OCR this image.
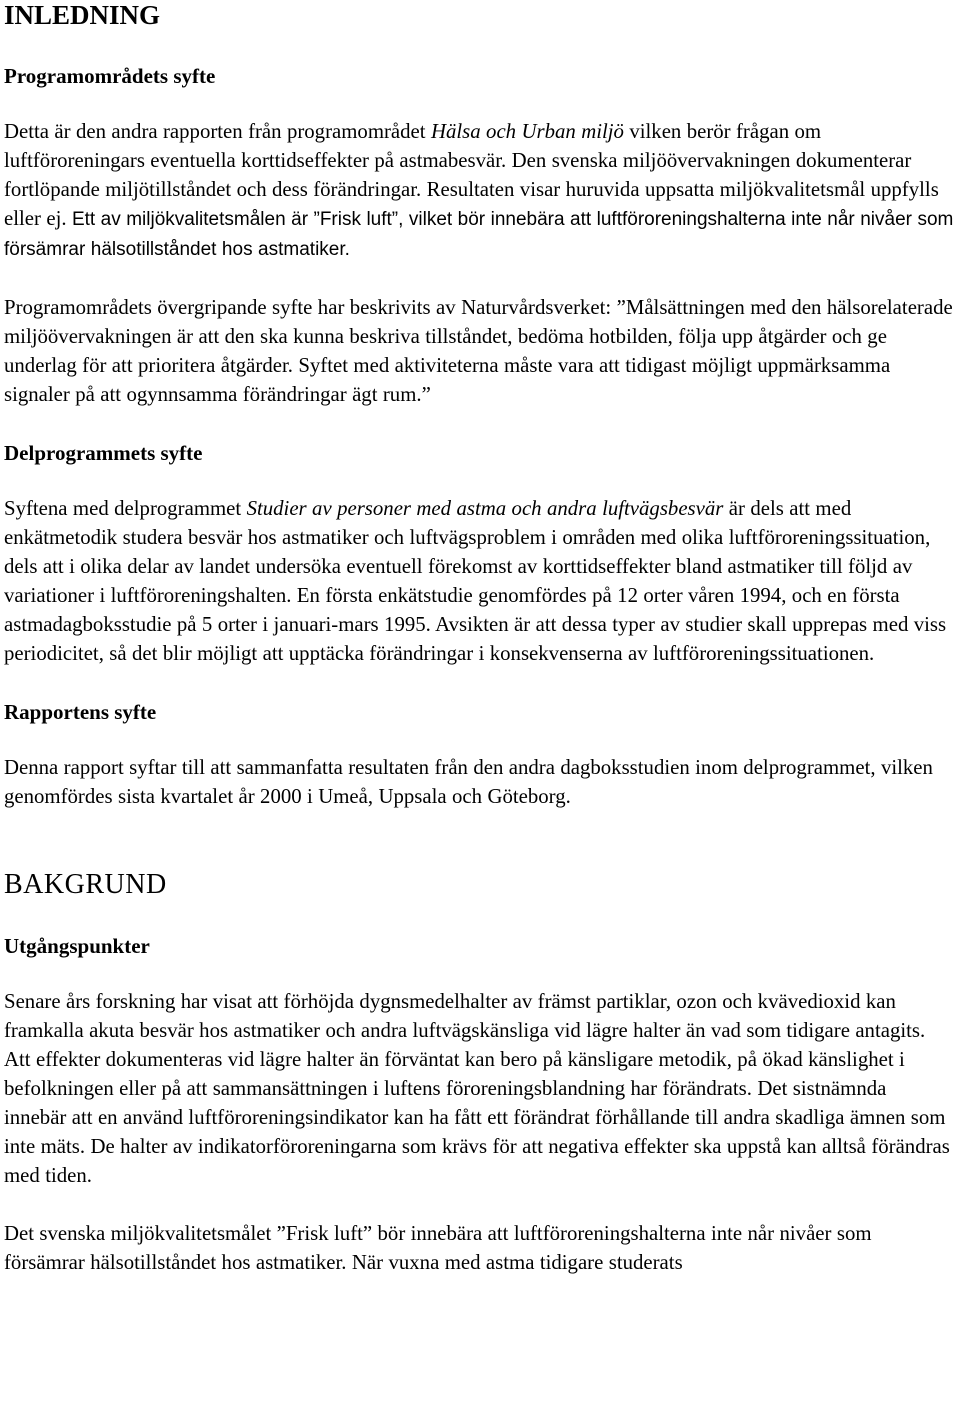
INLEDNING
Programområdets syfte

Detta är den andra rapporten från programområdet Hälsa och Urban miljö vilken berör frågan om luftföroreningars eventuella korttidseffekter på astmabesvär. Den svenska miljöövervakningen dokumenterar fortlöpande miljötillståndet och dess förändringar. Resultaten visar huruvida uppsatta miljökvalitetsmål uppfylls eller ej. Ett av miljökvalitetsmålen är ”Frisk luft”, vilket bör innebära att luftföroreningshalterna inte når nivåer som försämrar hälsotillståndet hos astmatiker.

Programområdets övergripande syfte har beskrivits av Naturvårdsverket: ”Målsättningen med den hälsorelaterade miljöövervakningen är att den ska kunna beskriva tillståndet, bedöma hotbilden, följa upp åtgärder och ge underlag för att prioritera åtgärder. Syftet med aktiviteterna måste vara att tidigast möjligt uppmärksamma signaler på att ogynnsamma förändringar ägt rum.”

Delprogrammets syfte

Syftena med delprogrammet Studier av personer med astma och andra luftvägsbesvär är dels att med enkätmetodik studera besvär hos astmatiker och luftvägsproblem i områden med olika luftföroreningssituation, dels att i olika delar av landet undersöka eventuell förekomst av korttidseffekter bland astmatiker till följd av variationer i luftföroreningshalten. En första enkätstudie genomfördes på 12 orter våren 1994, och en första astmadagboksstudie på 5 orter i januari-mars 1995. Avsikten är att dessa typer av studier skall upprepas med viss periodicitet, så det blir möjligt att upptäcka förändringar i konsekvenserna av luftföroreningssituationen.

Rapportens syfte

Denna rapport syftar till att sammanfatta resultaten från den andra dagboksstudien inom delprogrammet, vilken genomfördes sista kvartalet år 2000 i Umeå, Uppsala och Göteborg.

BAKGRUND
Utgångspunkter

Senare års forskning har visat att förhöjda dygnsmedelhalter av främst partiklar, ozon och kvävedioxid kan framkalla akuta besvär hos astmatiker och andra luftvägskänsliga vid lägre halter än vad som tidigare antagits. Att effekter dokumenteras vid lägre halter än förväntat kan bero på känsligare metodik, på ökad känslighet i befolkningen eller på att sammansättningen i luftens föroreningsblandning har förändrats. Det sistnämnda innebär att en använd luftföroreningsindikator kan ha fått ett förändrat förhållande till andra skadliga ämnen som inte mäts. De halter av indikatorföroreningarna som krävs för att negativa effekter ska uppstå kan alltså förändras med tiden.

Det svenska miljökvalitetsmålet ”Frisk luft” bör innebära att luftföroreningshalterna inte når nivåer som försämrar hälsotillståndet hos astmatiker. När vuxna med astma tidigare studerats
